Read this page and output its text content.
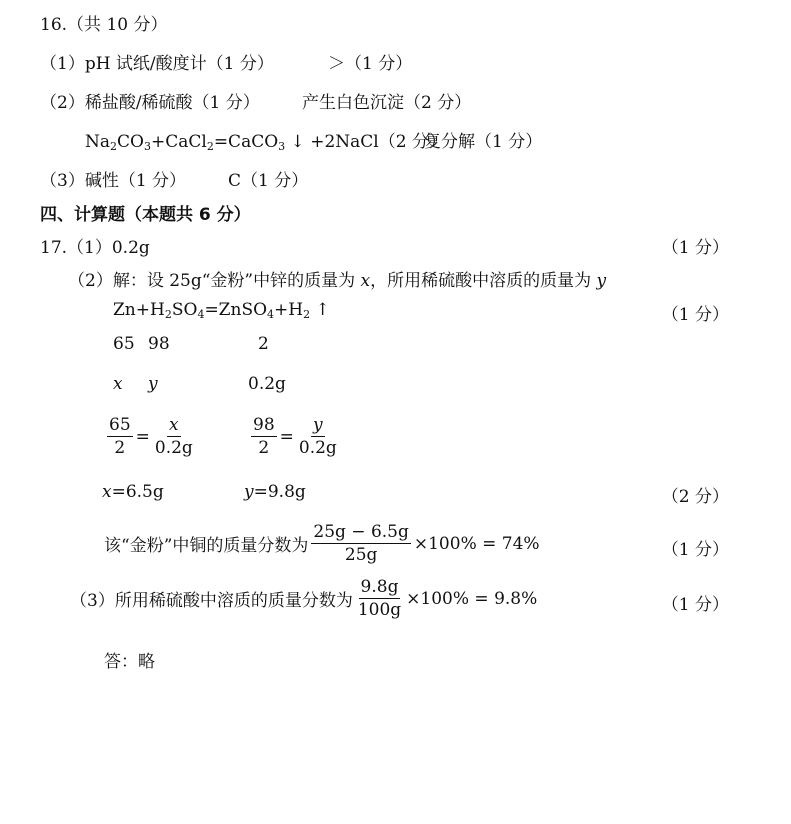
16.（共 10 分）
（1）pH 试纸/酸度计（1 分）	＞（1 分）
（2）稀盐酸/稀硫酸（1 分） 产生白色沉淀（2 分）
$Na_2CO_3+CaCl_2=CaCO_3$ ↓ +2NaCl（2 分）
复分解（1 分）
（3）碱性（1 分） C（1 分）
四、计算题（本题共 6 分）
17.（1）0.2g	（1 分）
（2）解：设 25g“金粉”中锌的质量为 x，所用稀硫酸中溶质的质量为 y
$Zn+H_2SO_4=ZnSO_4+H_2$ ↑	（1 分）
65 98	2
x y	0.2g
$\frac{65}{2} = \frac{x}{0.2g}$	$\frac{98}{2} = \frac{y}{0.2g}$
x=6.5g	y=9.8g	（2 分）
该“金粉”中铜的质量分数为 $\frac{25g - 6.5g}{25g} \times 100\% = 74\%$	（1 分）
（3）所用稀硫酸中溶质的质量分数为 $\frac{9.8g}{100g} \times 100\% = 9.8\%$	（1 分）
答：略
